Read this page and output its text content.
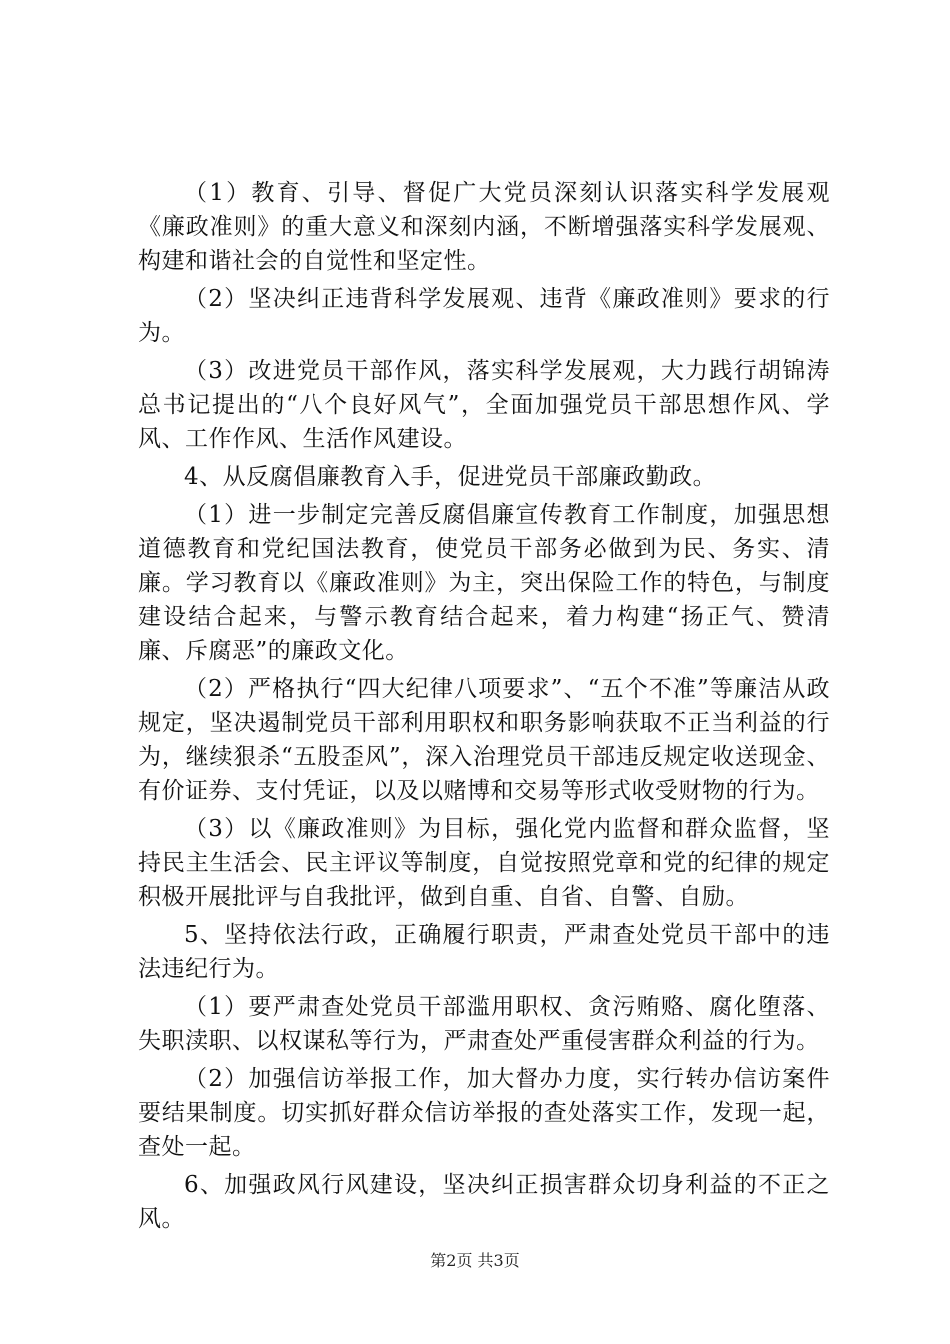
（1）教育、引导、督促广大党员深刻认识落实科学发展观《廉政准则》的重大意义和深刻内涵，不断增强落实科学发展观、构建和谐社会的自觉性和坚定性。

（2）坚决纠正违背科学发展观、违背《廉政准则》要求的行为。

（3）改进党员干部作风，落实科学发展观，大力践行胡锦涛总书记提出的“八个良好风气”，全面加强党员干部思想作风、学风、工作作风、生活作风建设。

4、从反腐倡廉教育入手，促进党员干部廉政勤政。

（1）进一步制定完善反腐倡廉宣传教育工作制度，加强思想道德教育和党纪国法教育，使党员干部务必做到为民、务实、清廉。学习教育以《廉政准则》为主，突出保险工作的特色，与制度建设结合起来，与警示教育结合起来，着力构建“扬正气、赞清廉、斥腐恶”的廉政文化。

（2）严格执行“四大纪律八项要求”、“五个不准”等廉洁从政规定，坚决遏制党员干部利用职权和职务影响获取不正当利益的行为，继续狠杀“五股歪风”，深入治理党员干部违反规定收送现金、有价证券、支付凭证，以及以赌博和交易等形式收受财物的行为。

（3）以《廉政准则》为目标，强化党内监督和群众监督，坚持民主生活会、民主评议等制度，自觉按照党章和党的纪律的规定积极开展批评与自我批评，做到自重、自省、自警、自励。

5、坚持依法行政，正确履行职责，严肃查处党员干部中的违法违纪行为。

（1）要严肃查处党员干部滥用职权、贪污贿赂、腐化堕落、失职渎职、以权谋私等行为，严肃查处严重侵害群众利益的行为。

（2）加强信访举报工作，加大督办力度，实行转办信访案件要结果制度。切实抓好群众信访举报的查处落实工作，发现一起，查处一起。

6、加强政风行风建设，坚决纠正损害群众切身利益的不正之风。

第2页 共3页
